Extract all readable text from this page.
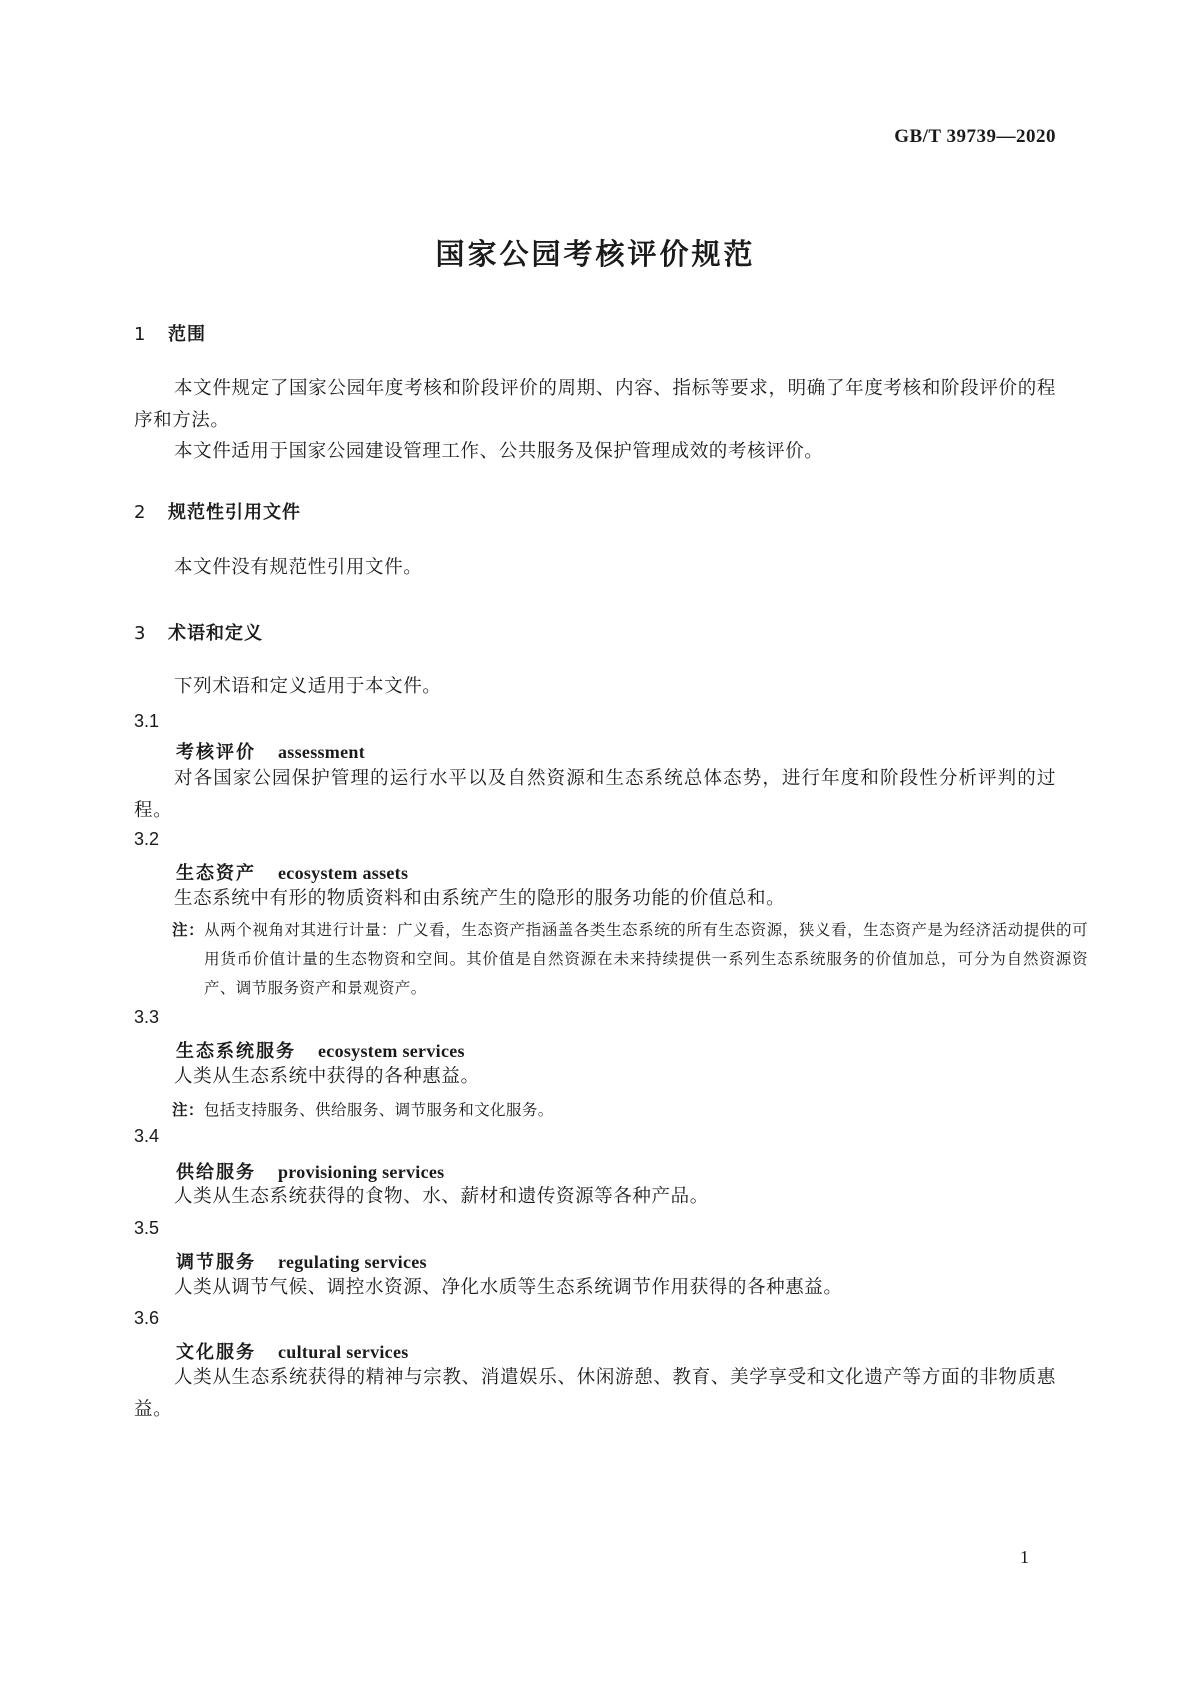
GB/T 39739—2020
国家公园考核评价规范
1 范围
本文件规定了国家公园年度考核和阶段评价的周期、内容、指标等要求，明确了年度考核和阶段评价的程序和方法。
本文件适用于国家公园建设管理工作、公共服务及保护管理成效的考核评价。
2 规范性引用文件
本文件没有规范性引用文件。
3 术语和定义
下列术语和定义适用于本文件。
3.1
考核评价 assessment
对各国家公园保护管理的运行水平以及自然资源和生态系统总体态势，进行年度和阶段性分析评判的过程。
3.2
生态资产 ecosystem assets
生态系统中有形的物质资料和由系统产生的隐形的服务功能的价值总和。
注：从两个视角对其进行计量：广义看，生态资产指涵盖各类生态系统的所有生态资源，狭义看，生态资产是为经济活动提供的可用货币价值计量的生态物资和空间。其价值是自然资源在未来持续提供一系列生态系统服务的价值加总，可分为自然资源资产、调节服务资产和景观资产。
3.3
生态系统服务 ecosystem services
人类从生态系统中获得的各种惠益。
注：包括支持服务、供给服务、调节服务和文化服务。
3.4
供给服务 provisioning services
人类从生态系统获得的食物、水、薪材和遗传资源等各种产品。
3.5
调节服务 regulating services
人类从调节气候、调控水资源、净化水质等生态系统调节作用获得的各种惠益。
3.6
文化服务 cultural services
人类从生态系统获得的精神与宗教、消遣娱乐、休闲游憩、教育、美学享受和文化遗产等方面的非物质惠益。
1
